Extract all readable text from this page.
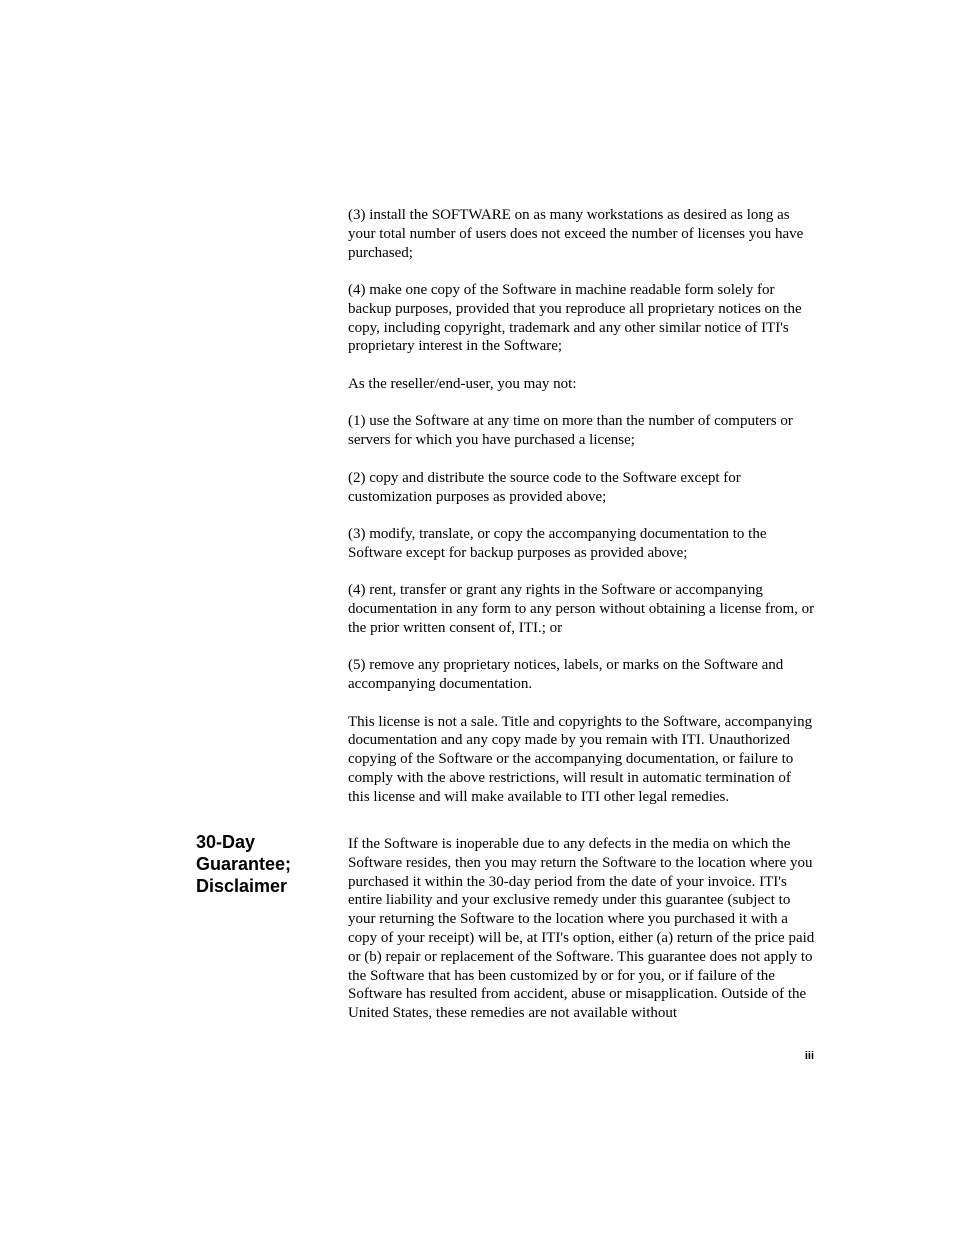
(3) install the SOFTWARE on as many workstations as desired as long as your total number of users does not exceed the number of licenses you have purchased;

(4) make one copy of the Software in machine readable form solely for backup purposes, provided that you reproduce all proprietary notices on the copy, including copyright, trademark and any other similar notice of ITI's proprietary interest in the Software;

As the reseller/end-user, you may not:

(1) use the Software at any time on more than the number of computers or servers for which you have purchased a license;

(2) copy and distribute the source code to the Software except for customization purposes as provided above;

(3) modify, translate, or copy the accompanying documentation to the Software except for backup purposes as provided above;

(4) rent, transfer or grant any rights in the Software or accompanying documentation in any form to any person without obtaining a license from, or the prior written consent of, ITI.; or

(5) remove any proprietary notices, labels, or marks on the Software and accompanying documentation.

This license is not a sale. Title and copyrights to the Software, accompanying documentation and any copy made by you remain with ITI. Unauthorized copying of the Software or the accompanying documentation, or failure to comply with the above restrictions, will result in automatic termination of this license and will make available to ITI other legal remedies.

30-Day Guarantee; Disclaimer

If the Software is inoperable due to any defects in the media on which the Software resides, then you may return the Software to the location where you purchased it within the 30-day period from the date of your invoice. ITI's entire liability and your exclusive remedy under this guarantee (subject to your returning the Software to the location where you purchased it with a copy of your receipt) will be, at ITI's option, either (a) return of the price paid or (b) repair or replacement of the Software. This guarantee does not apply to the Software that has been customized by or for you, or if failure of the Software has resulted from accident, abuse or misapplication. Outside of the United States, these remedies are not available without

iii
